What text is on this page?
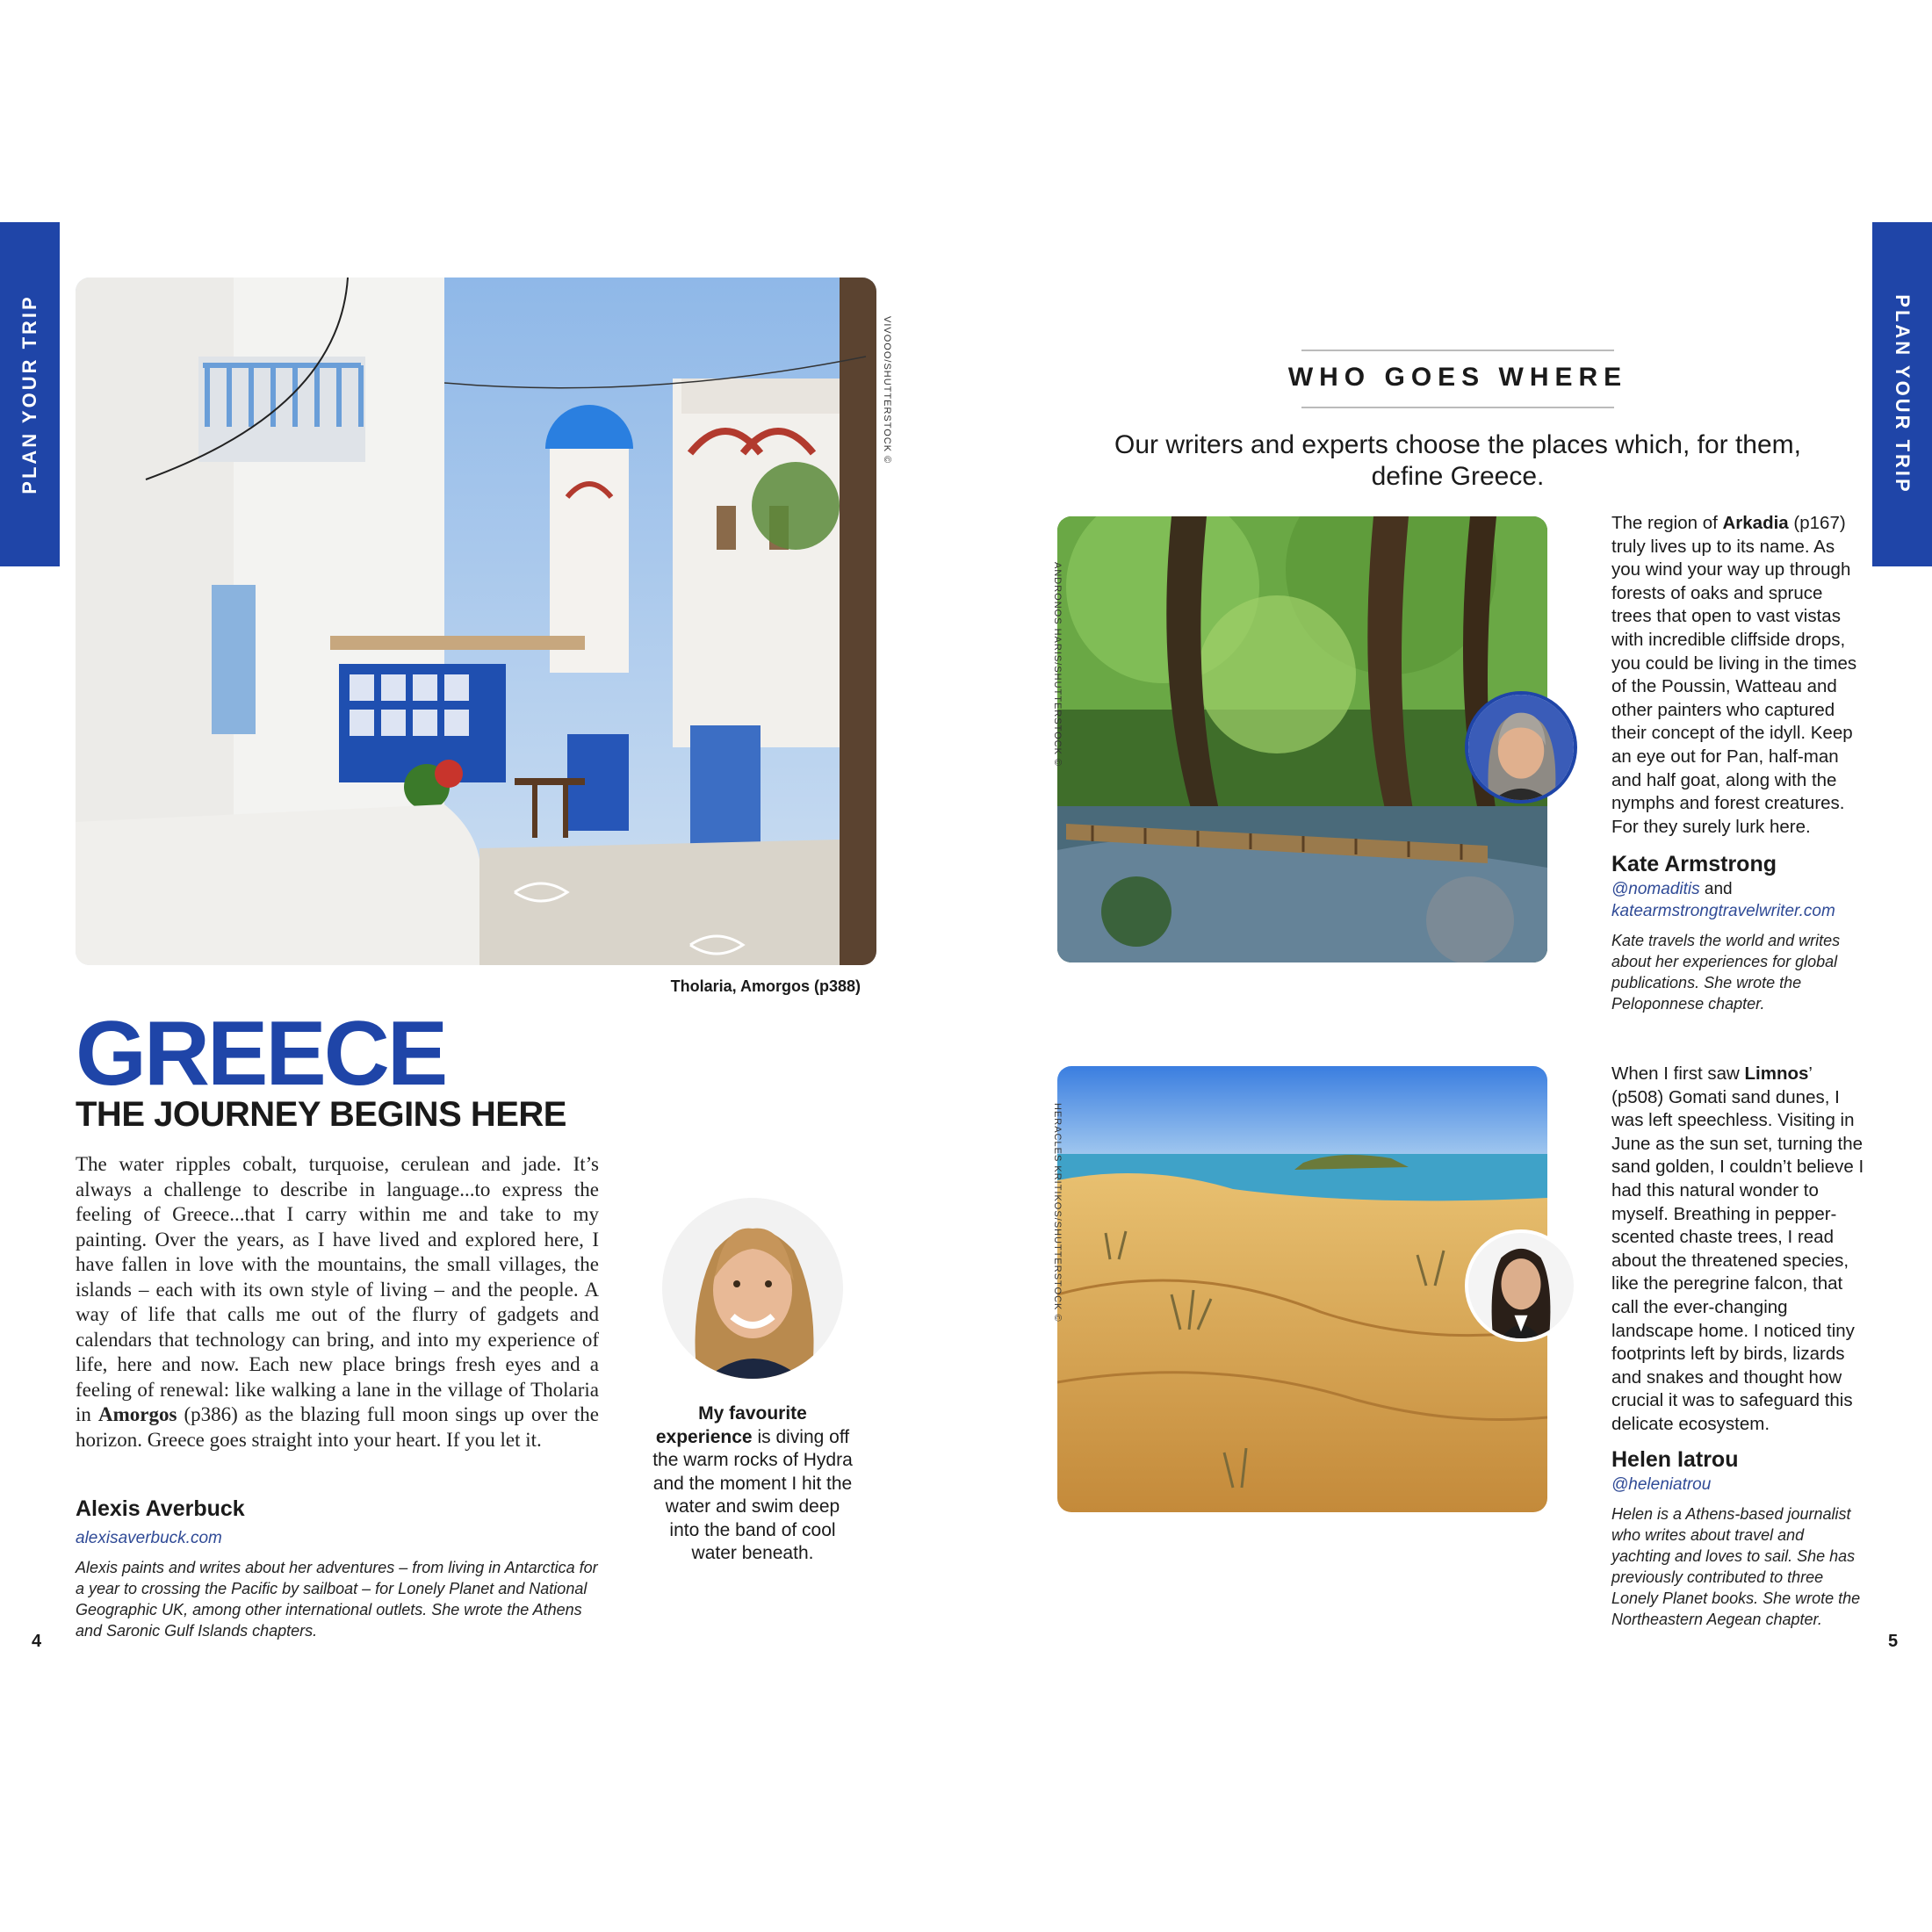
PLAN YOUR TRIP	PLAN YOUR TRIP
VIVOOO/SHUTTERSTOCK ©
Tholaria, Amorgos (p388)
GREECE
THE JOURNEY BEGINS HERE
The water ripples cobalt, turquoise, cerulean and jade. It’s always a challenge to describe in language...to express the feeling of Greece...that I carry within me and take to my painting. Over the years, as I have lived and explored here, I have fallen in love with the mountains, the small villages, the islands – each with its own style of living – and the people. A way of life that calls me out of the flurry of gadgets and calendars that technology can bring, and into my experience of life, here and now. Each new place brings fresh eyes and a feeling of renewal: like walking a lane in the village of Tholaria in Amorgos (p386) as the blazing full moon sings up over the horizon. Greece goes straight into your heart. If you let it.
Alexis Averbuck
alexisaverbuck.com
Alexis paints and writes about her adventures – from living in Antarctica for a year to crossing the Pacific by sailboat – for Lonely Planet and National Geographic UK, among other international outlets. She wrote the Athens and Saronic Gulf Islands chapters.
My favourite experience is diving off the warm rocks of Hydra and the moment I hit the water and swim deep into the band of cool water beneath.
4
WHO GOES WHERE
Our writers and experts choose the places which, for them, define Greece.
ANDRONOS HARIS/SHUTTERSTOCK ©
The region of Arkadia (p167) truly lives up to its name. As you wind your way up through forests of oaks and spruce trees that open to vast vistas with incredible cliffside drops, you could be living in the times of the Poussin, Watteau and other painters who captured their concept of the idyll. Keep an eye out for Pan, half-man and half goat, along with the nymphs and forest creatures. For they surely lurk here.
Kate Armstrong
@nomaditis and
katearmstrongtravelwriter.com
Kate travels the world and writes about her experiences for global publications. She wrote the Peloponnese chapter.
HERACLES KRITIKOS/SHUTTERSTOCK ©
When I first saw Limnos’ (p508) Gomati sand dunes, I was left speechless. Visiting in June as the sun set, turning the sand golden, I couldn’t believe I had this natural wonder to myself. Breathing in pepper-scented chaste trees, I read about the threatened species, like the peregrine falcon, that call the ever-changing landscape home. I noticed tiny footprints left by birds, lizards and snakes and thought how crucial it was to safeguard this delicate ecosystem.
Helen Iatrou
@heleniatrou
Helen is a Athens-based journalist who writes about travel and yachting and loves to sail. She has previously contributed to three Lonely Planet books. She wrote the Northeastern Aegean chapter.
5
